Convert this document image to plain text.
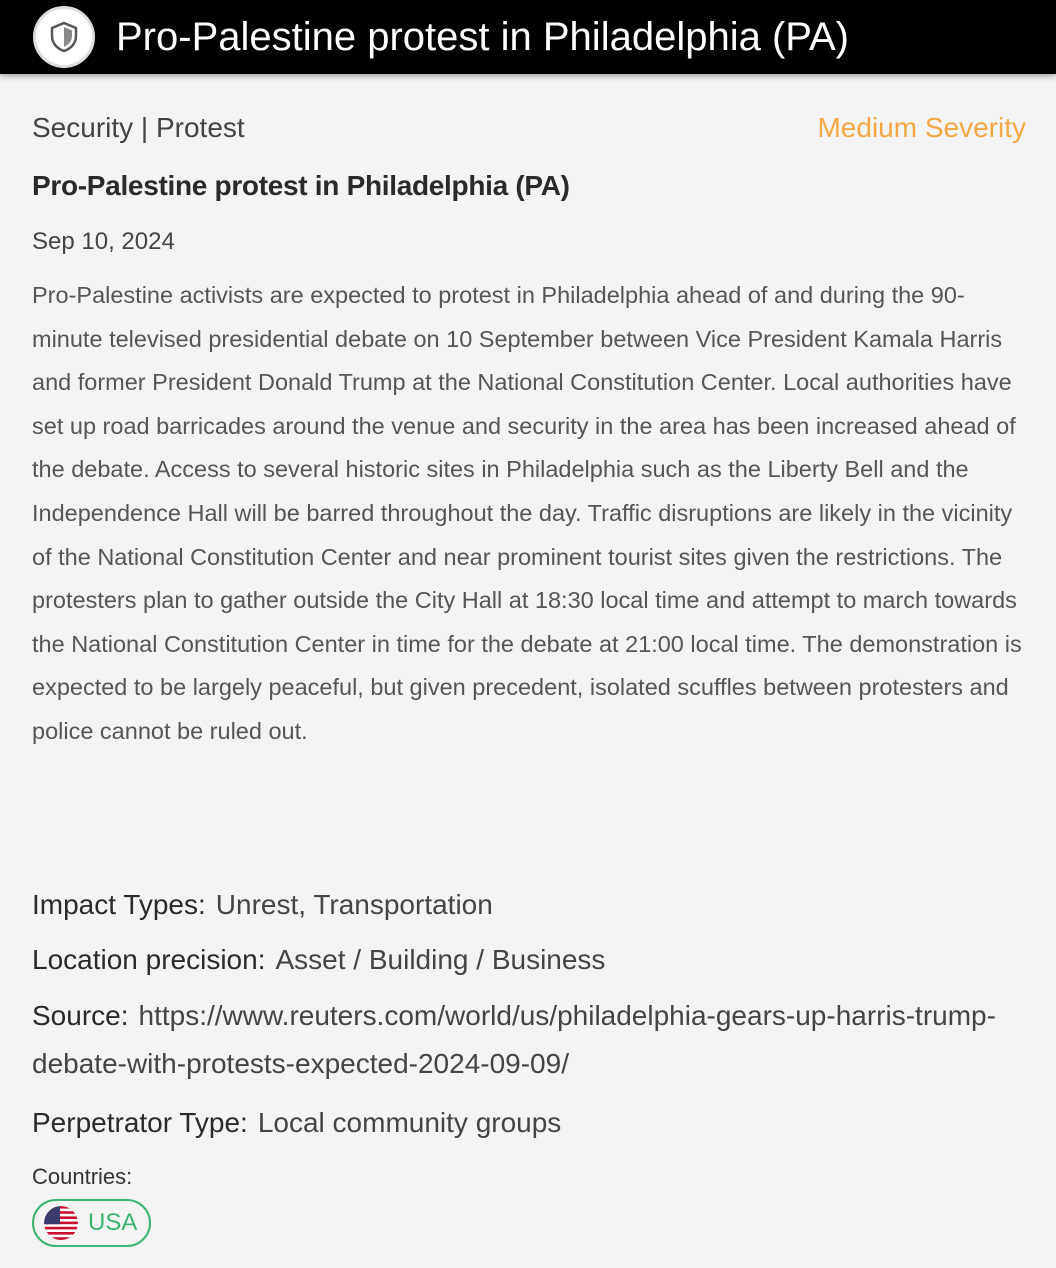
Pro-Palestine protest in Philadelphia (PA)
Security | Protest	Medium Severity
Pro-Palestine protest in Philadelphia (PA)
Sep 10, 2024

Pro-Palestine activists are expected to protest in Philadelphia ahead of and during the 90-minute televised presidential debate on 10 September between Vice President Kamala Harris and former President Donald Trump at the National Constitution Center. Local authorities have set up road barricades around the venue and security in the area has been increased ahead of the debate. Access to several historic sites in Philadelphia such as the Liberty Bell and the Independence Hall will be barred throughout the day. Traffic disruptions are likely in the vicinity of the National Constitution Center and near prominent tourist sites given the restrictions. The protesters plan to gather outside the City Hall at 18:30 local time and attempt to march towards the National Constitution Center in time for the debate at 21:00 local time. The demonstration is expected to be largely peaceful, but given precedent, isolated scuffles between protesters and police cannot be ruled out.

Impact Types: Unrest, Transportation
Location precision: Asset / Building / Business
Source: https://www.reuters.com/world/us/philadelphia-gears-up-harris-trump-debate-with-protests-expected-2024-09-09/
Perpetrator Type: Local community groups
Countries:
USA
